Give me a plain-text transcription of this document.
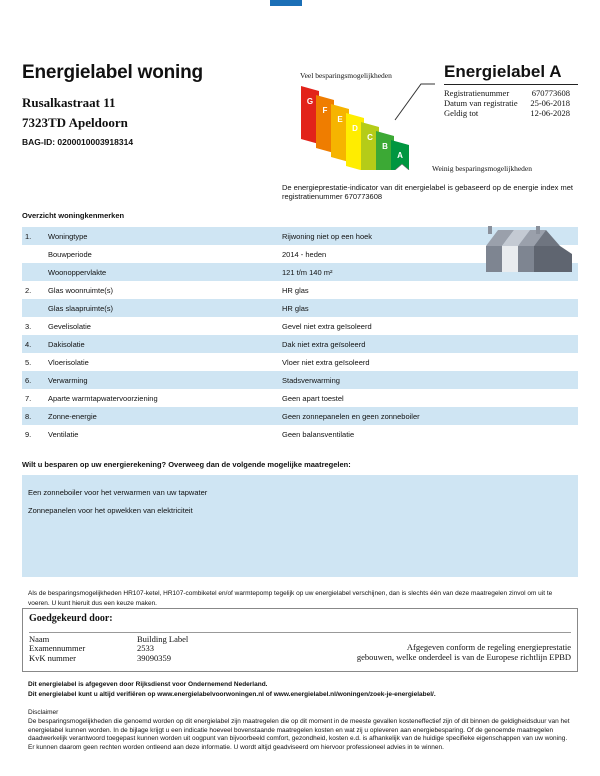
Energielabel woning
Rusalkastraat 11
7323TD Apeldoorn
BAG-ID: 0200010003918314
Veel besparingsmogelijkheden
G
F
E
D
C
B
A
Weinig besparingsmogelijkheden
Energielabel A
Registratienummer	670773608
Datum van registratie 25-06-2018
Geldig tot	12-06-2028
De energieprestatie-indicator van dit energielabel is gebaseerd op de energie index met registratienummer 670773608
Overzicht woningkenmerken
1. Woningtype	Rijwoning niet op een hoek
Bouwperiode	2014 - heden
Woonoppervlakte	121 t/m 140 m²
2. Glas woonruimte(s)	HR glas
Glas slaapruimte(s)	HR glas
3. Gevelisolatie	Gevel niet extra geïsoleerd
4. Dakisolatie	Dak niet extra geïsoleerd
5. Vloerisolatie	Vloer niet extra geïsoleerd
6. Verwarming	Stadsverwarming
7. Aparte warmtapwatervoorziening	Geen apart toestel
8. Zonne-energie	Geen zonnepanelen en geen zonneboiler
9. Ventilatie	Geen balansventilatie
Wilt u besparen op uw energierekening? Overweeg dan de volgende mogelijke maatregelen:
Een zonneboiler voor het verwarmen van uw tapwater
Zonnepanelen voor het opwekken van elektriciteit
Als de besparingsmogelijkheden HR107-ketel, HR107-combiketel en/of warmtepomp tegelijk op uw energielabel verschijnen, dan is slechts één van deze maatregelen zinvol om uit te voeren. U kunt hieruit dus een keuze maken.
Goedgekeurd door:
Naam	Building Label
Examennummer	2533
KvK nummer	39090359
Afgegeven conform de regeling energieprestatie
gebouwen, welke onderdeel is van de Europese richtlijn EPBD
Dit energielabel is afgegeven door Rijksdienst voor Ondernemend Nederland.
Dit energielabel kunt u altijd verifiëren op www.energielabelvoorwoningen.nl of www.energielabel.nl/woningen/zoek-je-energielabel/.
Disclaimer
De besparingsmogelijkheden die genoemd worden op dit energielabel zijn maatregelen die op dit moment in de meeste gevallen kosteneffectief zijn of dit binnen de geldigheidsduur van het energielabel kunnen worden. In de bijlage krijgt u een indicatie hoeveel bovenstaande maatregelen kosten en wat zij u opleveren aan energiebesparing. Of de genoemde maatregelen daadwerkelijk verantwoord toegepast kunnen worden uit oogpunt van bijvoorbeeld comfort, gezondheid, kosten e.d. is afhankelijk van de huidige specifieke eigenschappen van uw woning. Er kunnen daarom geen rechten worden ontleend aan deze informatie. U wordt altijd geadviseerd om hiervoor professioneel advies in te winnen.
